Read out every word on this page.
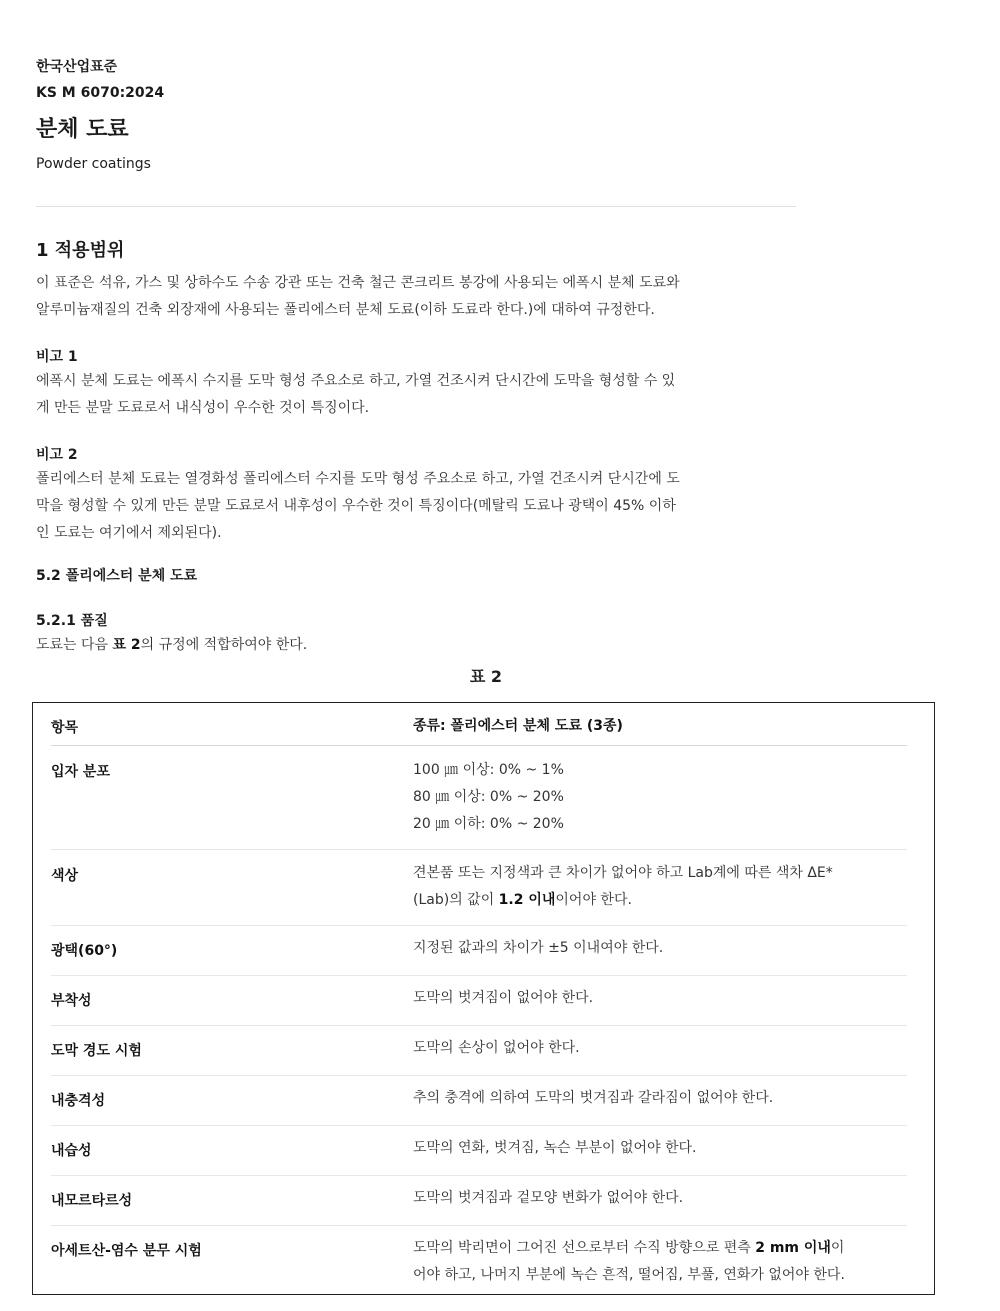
한국산업표준
KS M 6070:2024
분체 도료
Powder coatings
1 적용범위
이 표준은 석유, 가스 및 상하수도 수송 강관 또는 건축 철근 콘크리트 봉강에 사용되는 에폭시 분체 도료와
알루미늄재질의 건축 외장재에 사용되는 폴리에스터 분체 도료(이하 도료라 한다.)에 대하여 규정한다.
비고 1
에폭시 분체 도료는 에폭시 수지를 도막 형성 주요소로 하고, 가열 건조시켜 단시간에 도막을 형성할 수 있
게 만든 분말 도료로서 내식성이 우수한 것이 특징이다.
비고 2
폴리에스터 분체 도료는 열경화성 폴리에스터 수지를 도막 형성 주요소로 하고, 가열 건조시켜 단시간에 도
막을 형성할 수 있게 만든 분말 도료로서 내후성이 우수한 것이 특징이다(메탈릭 도료나 광택이 45% 이하
인 도료는 여기에서 제외된다).
5.2 폴리에스터 분체 도료
5.2.1 품질
도료는 다음 표 2의 규정에 적합하여야 한다.
표 2
항목	종류: 폴리에스터 분체 도료 (3종)
입자 분포	100 ㎛ 이상: 0% ~ 1%
80 ㎛ 이상: 0% ~ 20%
20 ㎛ 이하: 0% ~ 20%
색상	견본품 또는 지정색과 큰 차이가 없어야 하고 Lab계에 따른 색차 ΔE*
(Lab)의 값이 1.2 이내이어야 한다.
광택(60°)	지정된 값과의 차이가 ±5 이내여야 한다.
부착성	도막의 벗겨짐이 없어야 한다.
도막 경도 시험	도막의 손상이 없어야 한다.
내충격성	추의 충격에 의하여 도막의 벗겨짐과 갈라짐이 없어야 한다.
내습성	도막의 연화, 벗겨짐, 녹슨 부분이 없어야 한다.
내모르타르성	도막의 벗겨짐과 겉모양 변화가 없어야 한다.
아세트산-염수 분무 시험	도막의 박리면이 그어진 선으로부터 수직 방향으로 편측 2 mm 이내이
어야 하고, 나머지 부분에 녹슨 흔적, 떨어짐, 부풀, 연화가 없어야 한다.
